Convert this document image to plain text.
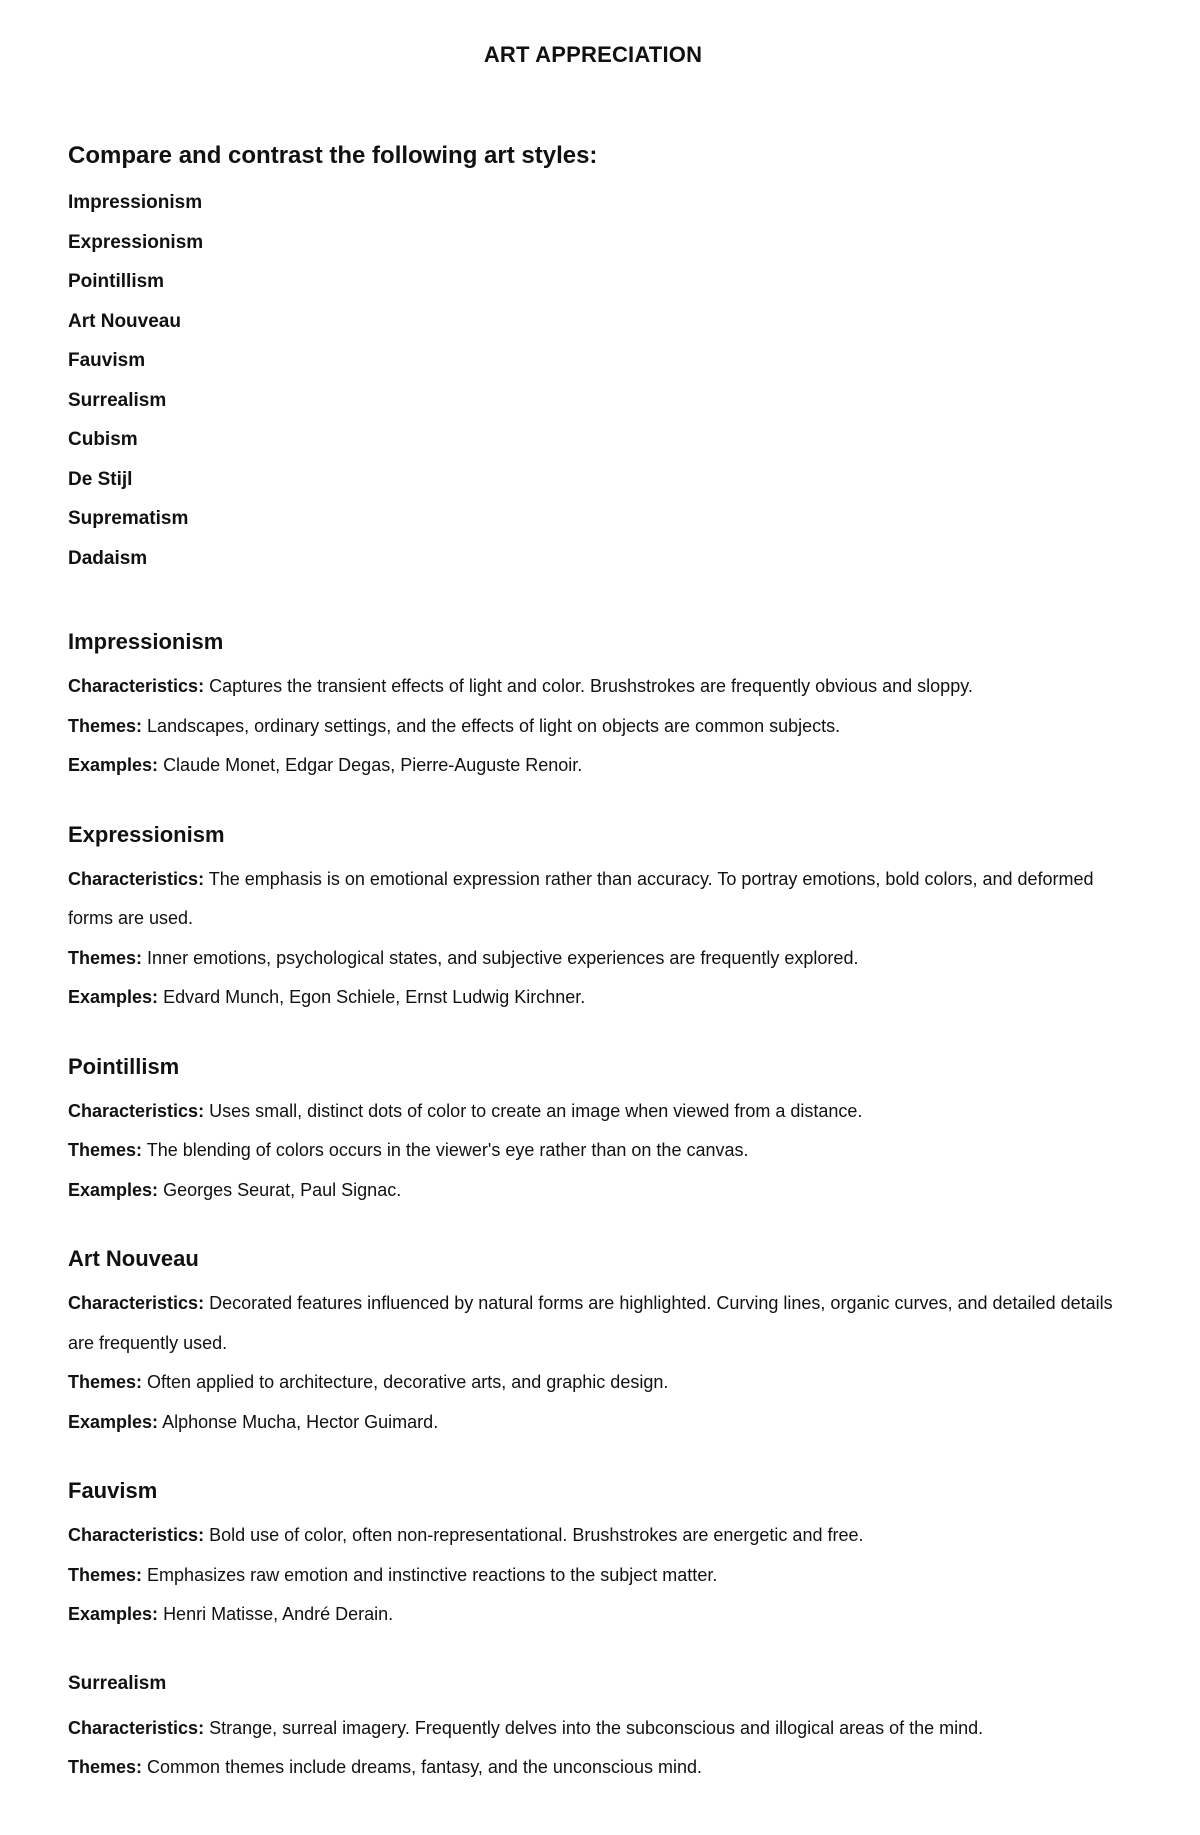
ART APPRECIATION
Compare and contrast the following art styles:
Impressionism
Expressionism
Pointillism
Art Nouveau
Fauvism
Surrealism
Cubism
De Stijl
Suprematism
Dadaism
Impressionism

Characteristics: Captures the transient effects of light and color. Brushstrokes are frequently obvious and sloppy.

Themes: Landscapes, ordinary settings, and the effects of light on objects are common subjects.

Examples: Claude Monet, Edgar Degas, Pierre-Auguste Renoir.

Expressionism

Characteristics: The emphasis is on emotional expression rather than accuracy. To portray emotions, bold colors, and deformed forms are used.

Themes: Inner emotions, psychological states, and subjective experiences are frequently explored.

Examples: Edvard Munch, Egon Schiele, Ernst Ludwig Kirchner.

Pointillism

Characteristics: Uses small, distinct dots of color to create an image when viewed from a distance.

Themes: The blending of colors occurs in the viewer's eye rather than on the canvas.

Examples: Georges Seurat, Paul Signac.

Art Nouveau

Characteristics: Decorated features influenced by natural forms are highlighted. Curving lines, organic curves, and detailed details are frequently used.

Themes: Often applied to architecture, decorative arts, and graphic design.

Examples: Alphonse Mucha, Hector Guimard.

Fauvism

Characteristics: Bold use of color, often non-representational. Brushstrokes are energetic and free.

Themes: Emphasizes raw emotion and instinctive reactions to the subject matter.

Examples: Henri Matisse, André Derain.

Surrealism

Characteristics: Strange, surreal imagery. Frequently delves into the subconscious and illogical areas of the mind.

Themes: Common themes include dreams, fantasy, and the unconscious mind.
